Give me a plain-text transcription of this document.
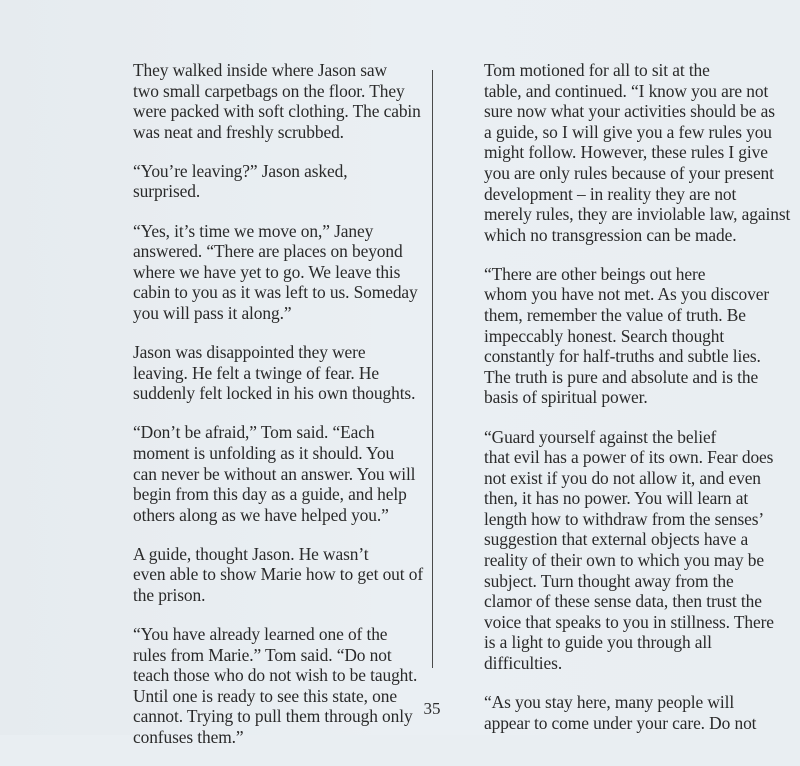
They walked inside where Jason saw
two small carpetbags on the floor. They
were packed with soft clothing. The cabin
was neat and freshly scrubbed.

“You’re leaving?” Jason asked,
surprised.

“Yes, it’s time we move on,” Janey
answered. “There are places on beyond
where we have yet to go. We leave this
cabin to you as it was left to us. Someday
you will pass it along.”

Jason was disappointed they were
leaving. He felt a twinge of fear. He
suddenly felt locked in his own thoughts.

“Don’t be afraid,” Tom said. “Each
moment is unfolding as it should. You
can never be without an answer. You will
begin from this day as a guide, and help
others along as we have helped you.”

A guide, thought Jason. He wasn’t
even able to show Marie how to get out of
the prison.

“You have already learned one of the
rules from Marie.” Tom said. “Do not
teach those who do not wish to be taught.
Until one is ready to see this state, one
cannot. Trying to pull them through only
confuses them.”

Tom motioned for all to sit at the
table, and continued. “I know you are not
sure now what your activities should be as
a guide, so I will give you a few rules you
might follow. However, these rules I give
you are only rules because of your present
development – in reality they are not
merely rules, they are inviolable law, against
which no transgression can be made.

“There are other beings out here
whom you have not met. As you discover
them, remember the value of truth. Be
impeccably honest. Search thought
constantly for half-truths and subtle lies.
The truth is pure and absolute and is the
basis of spiritual power.

“Guard yourself against the belief
that evil has a power of its own. Fear does
not exist if you do not allow it, and even
then, it has no power. You will learn at
length how to withdraw from the senses’
suggestion that external objects have a
reality of their own to which you may be
subject. Turn thought away from the
clamor of these sense data, then trust the
voice that speaks to you in stillness. There
is a light to guide you through all
difficulties.

“As you stay here, many people will
appear to come under your care. Do not

35
